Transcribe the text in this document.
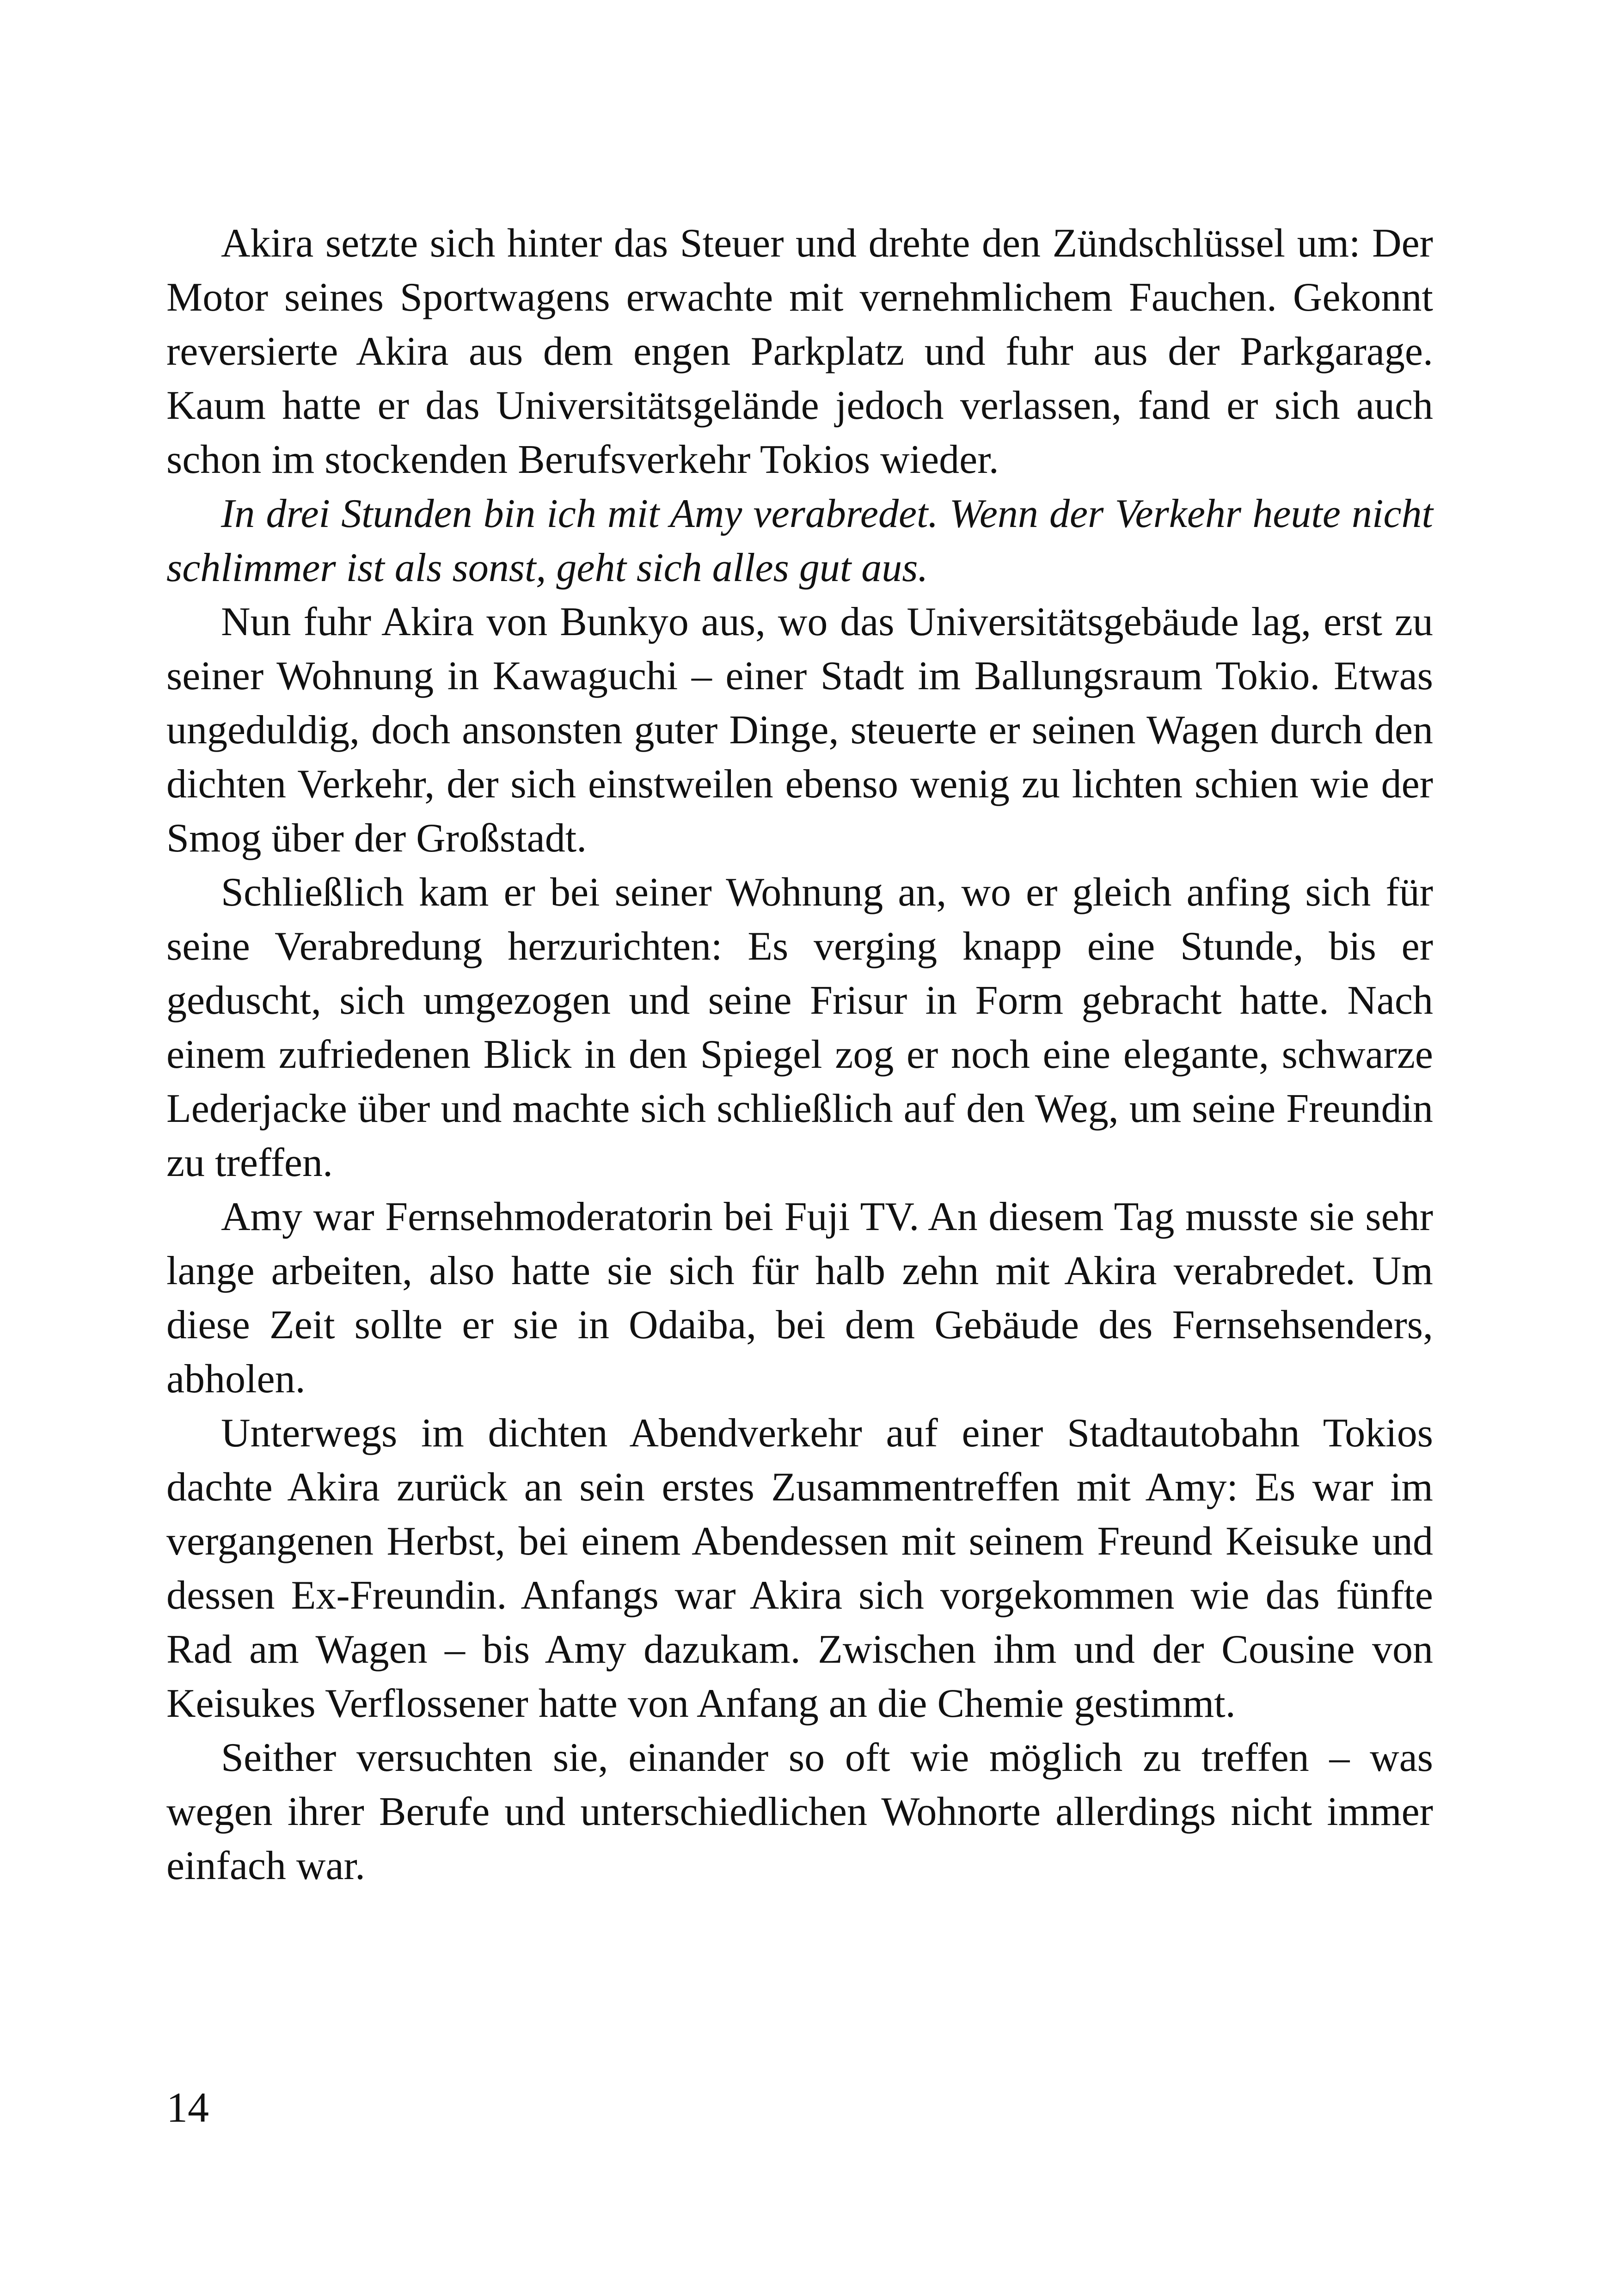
Akira setzte sich hinter das Steuer und drehte den Zündschlüssel um: Der Motor seines Sportwagens erwachte mit vernehmlichem Fauchen. Gekonnt reversierte Akira aus dem engen Parkplatz und fuhr aus der Parkgarage. Kaum hatte er das Universitätsgelände jedoch verlassen, fand er sich auch schon im stockenden Berufsverkehr Tokios wieder.

In drei Stunden bin ich mit Amy verabredet. Wenn der Verkehr heute nicht schlimmer ist als sonst, geht sich alles gut aus.

Nun fuhr Akira von Bunkyo aus, wo das Universitätsgebäude lag, erst zu seiner Wohnung in Kawaguchi – einer Stadt im Ballungsraum Tokio. Etwas ungeduldig, doch ansonsten guter Dinge, steuerte er seinen Wagen durch den dichten Verkehr, der sich einstweilen ebenso wenig zu lichten schien wie der Smog über der Großstadt.

Schließlich kam er bei seiner Wohnung an, wo er gleich anfing sich für seine Verabredung herzurichten: Es verging knapp eine Stunde, bis er geduscht, sich umgezogen und seine Frisur in Form gebracht hatte. Nach einem zufriedenen Blick in den Spiegel zog er noch eine elegante, schwarze Lederjacke über und machte sich schließlich auf den Weg, um seine Freundin zu treffen.

Amy war Fernsehmoderatorin bei Fuji TV. An diesem Tag musste sie sehr lange arbeiten, also hatte sie sich für halb zehn mit Akira verabredet. Um diese Zeit sollte er sie in Odaiba, bei dem Gebäude des Fernsehsenders, abholen.

Unterwegs im dichten Abendverkehr auf einer Stadtautobahn Tokios dachte Akira zurück an sein erstes Zusammentreffen mit Amy: Es war im vergangenen Herbst, bei einem Abendessen mit seinem Freund Keisuke und dessen Ex-Freundin. Anfangs war Akira sich vorgekommen wie das fünfte Rad am Wagen – bis Amy dazukam. Zwischen ihm und der Cousine von Keisukes Verflossener hatte von Anfang an die Chemie gestimmt.

Seither versuchten sie, einander so oft wie möglich zu treffen – was wegen ihrer Berufe und unterschiedlichen Wohnorte allerdings nicht immer einfach war.

14
